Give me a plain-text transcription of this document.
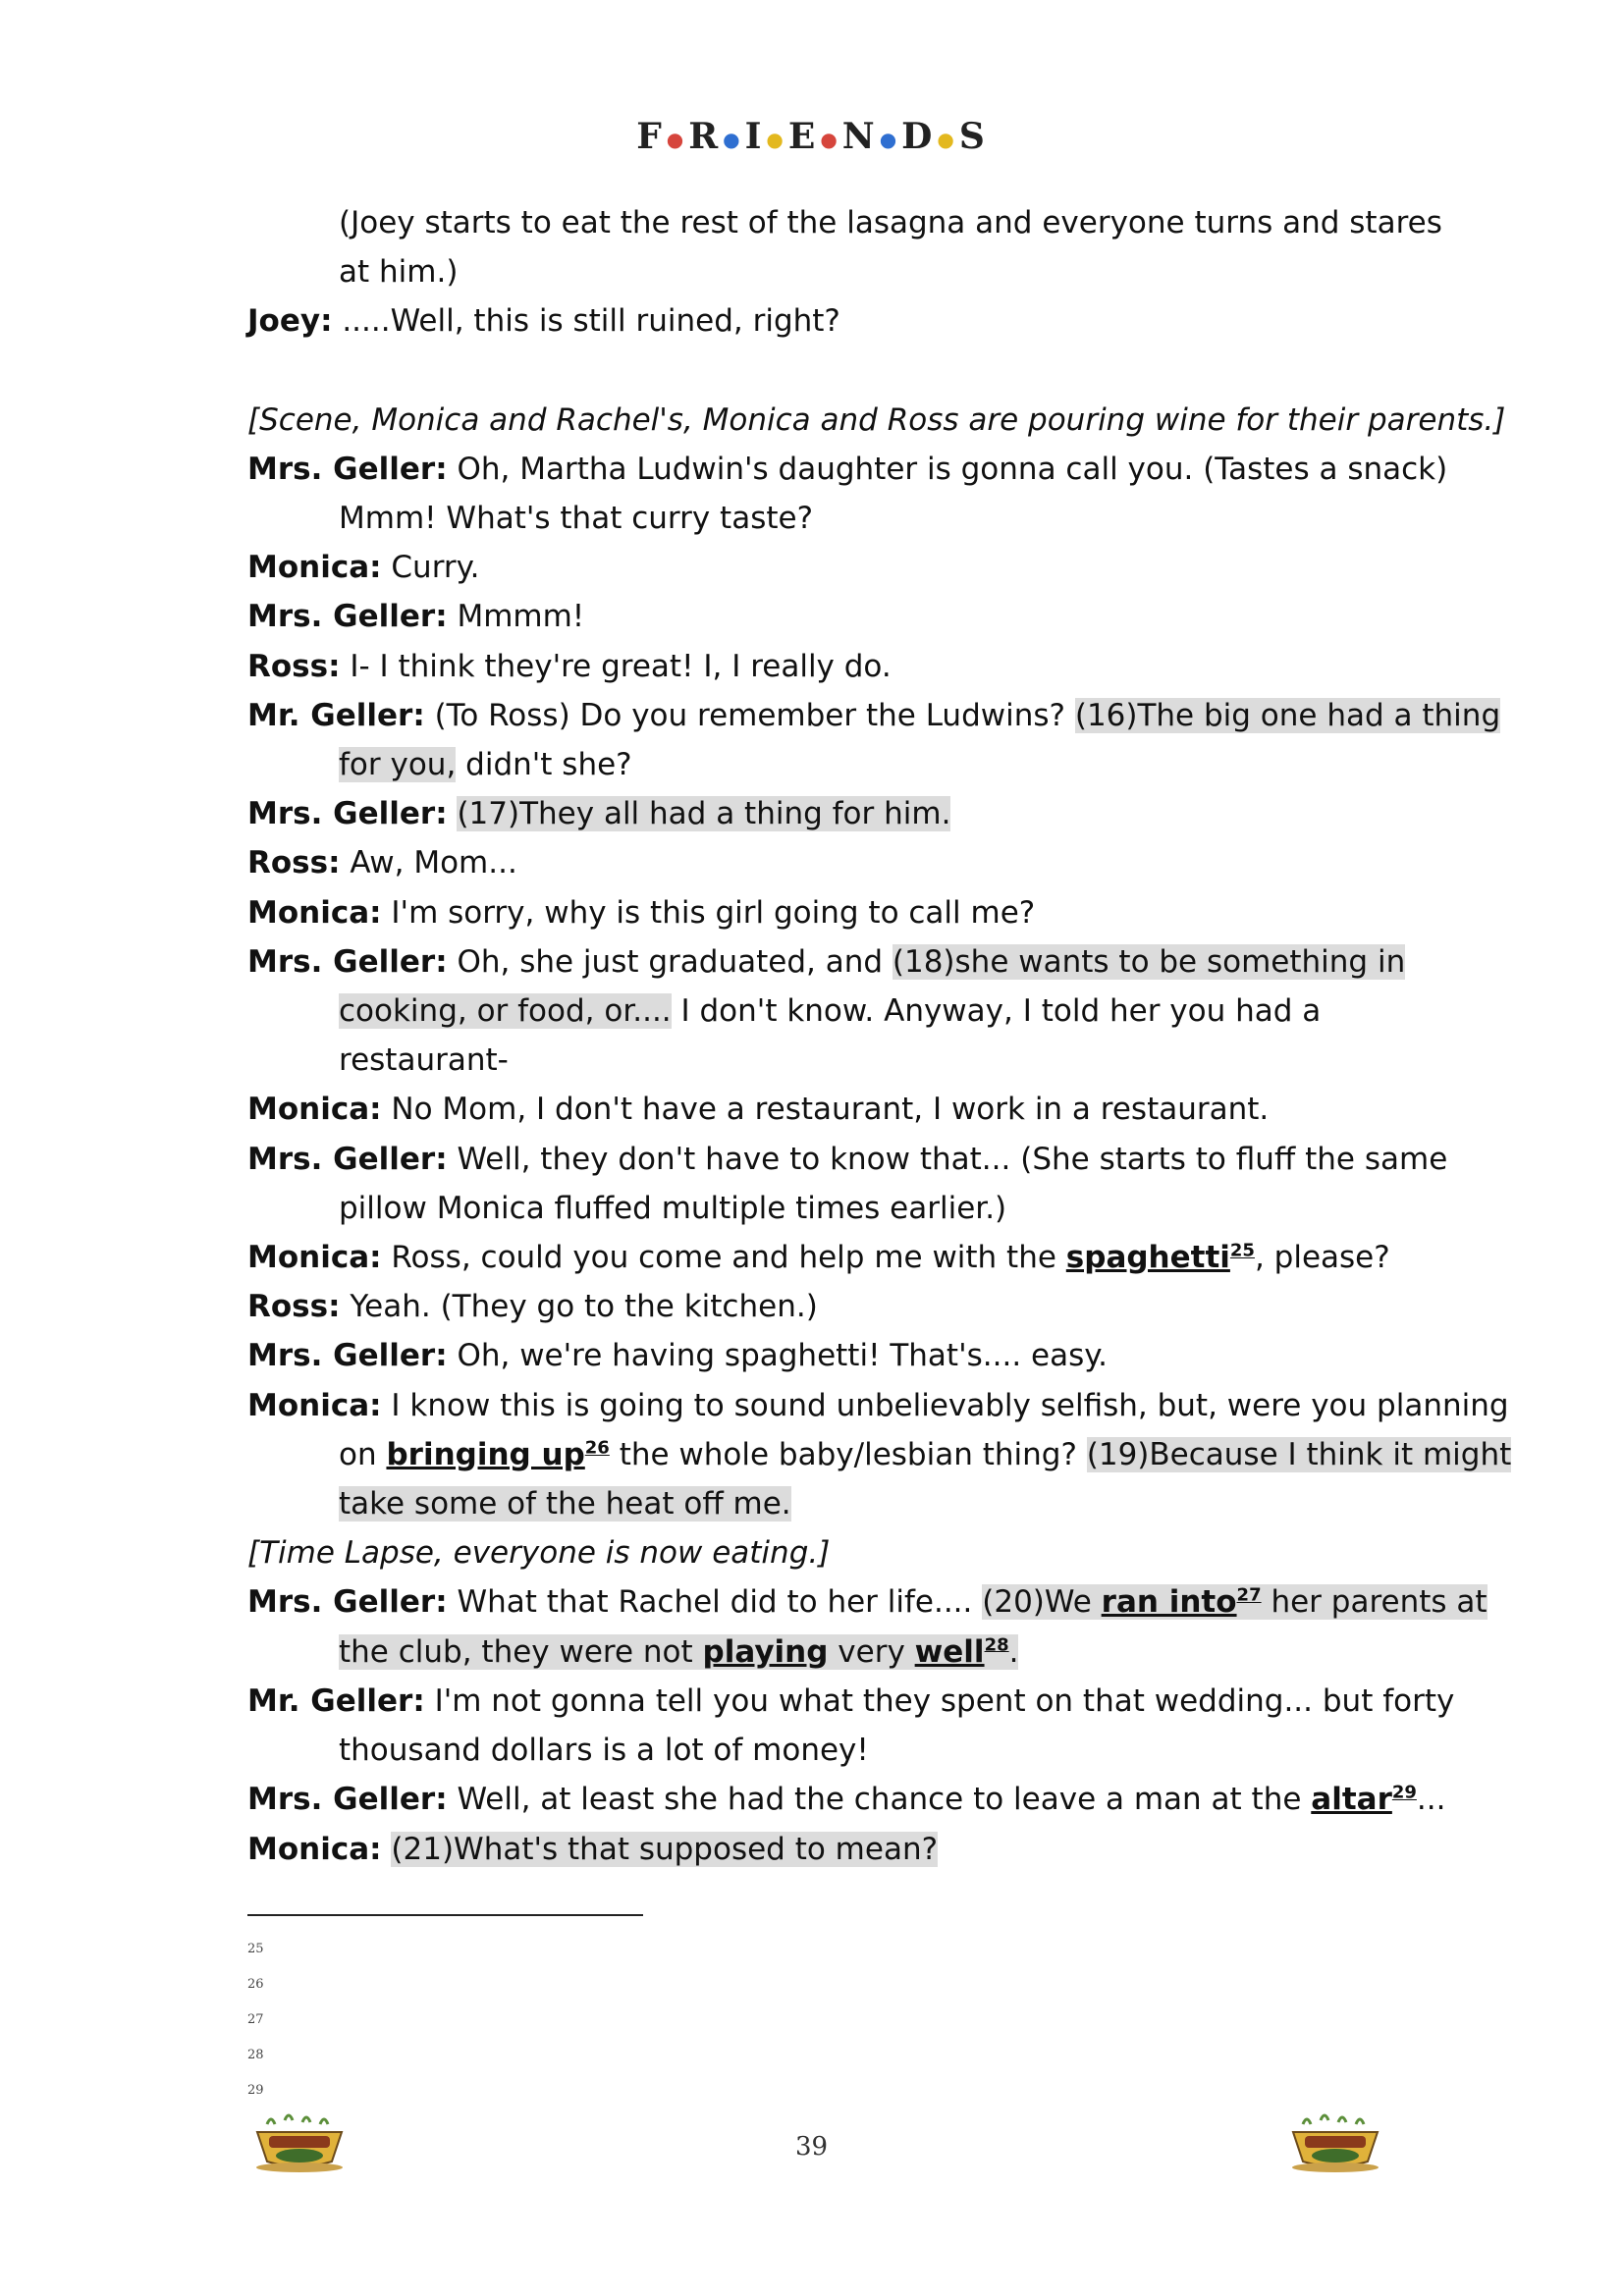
F ●R ●I ●E ●N ●D ●S
(Joey starts to eat the rest of the lasagna and everyone turns and stares
at him.)
Joey: .....Well, this is still ruined, right?
[Scene, Monica and Rachel's, Monica and Ross are pouring wine for their parents.]
Mrs. Geller: Oh, Martha Ludwin's daughter is gonna call you. (Tastes a snack)
Mmm! What's that curry taste?
Monica: Curry.
Mrs. Geller: Mmmm!
Ross: I- I think they're great! I, I really do.
Mr. Geller: (To Ross) Do you remember the Ludwins? (16)The big one had a thing
for you, didn't she?
Mrs. Geller: (17)They all had a thing for him.
Ross: Aw, Mom...
Monica: I'm sorry, why is this girl going to call me?
Mrs. Geller: Oh, she just graduated, and (18)she wants to be something in
cooking, or food, or.... I don't know. Anyway, I told her you had a
restaurant-
Monica: No Mom, I don't have a restaurant, I work in a restaurant.
Mrs. Geller: Well, they don't have to know that... (She starts to fluff the same
pillow Monica fluffed multiple times earlier.)
Monica: Ross, could you come and help me with the spaghetti$^{25}$, please?
Ross: Yeah. (They go to the kitchen.)
Mrs. Geller: Oh, we're having spaghetti! That's.... easy.
Monica: I know this is going to sound unbelievably selfish, but, were you planning
on bringing $up^{26}$ the whole baby/lesbian thing? (19)Because I think it might
take some of the heat off me.
[Time Lapse, everyone is now eating.]
Mrs. Geller: What that Rachel did to her life.... (20)We ran into$^{27}$ her parents at
the club, they were not playing very well$^{28}$.
Mr. Geller: I'm not gonna tell you what they spent on that wedding... but forty
thousand dollars is a lot of money!
Mrs. Geller: Well, at least she had the chance to leave a man at the altar$^{29}$...
Monica: (21)What's that supposed to mean?
25
26
27
28
29
39
